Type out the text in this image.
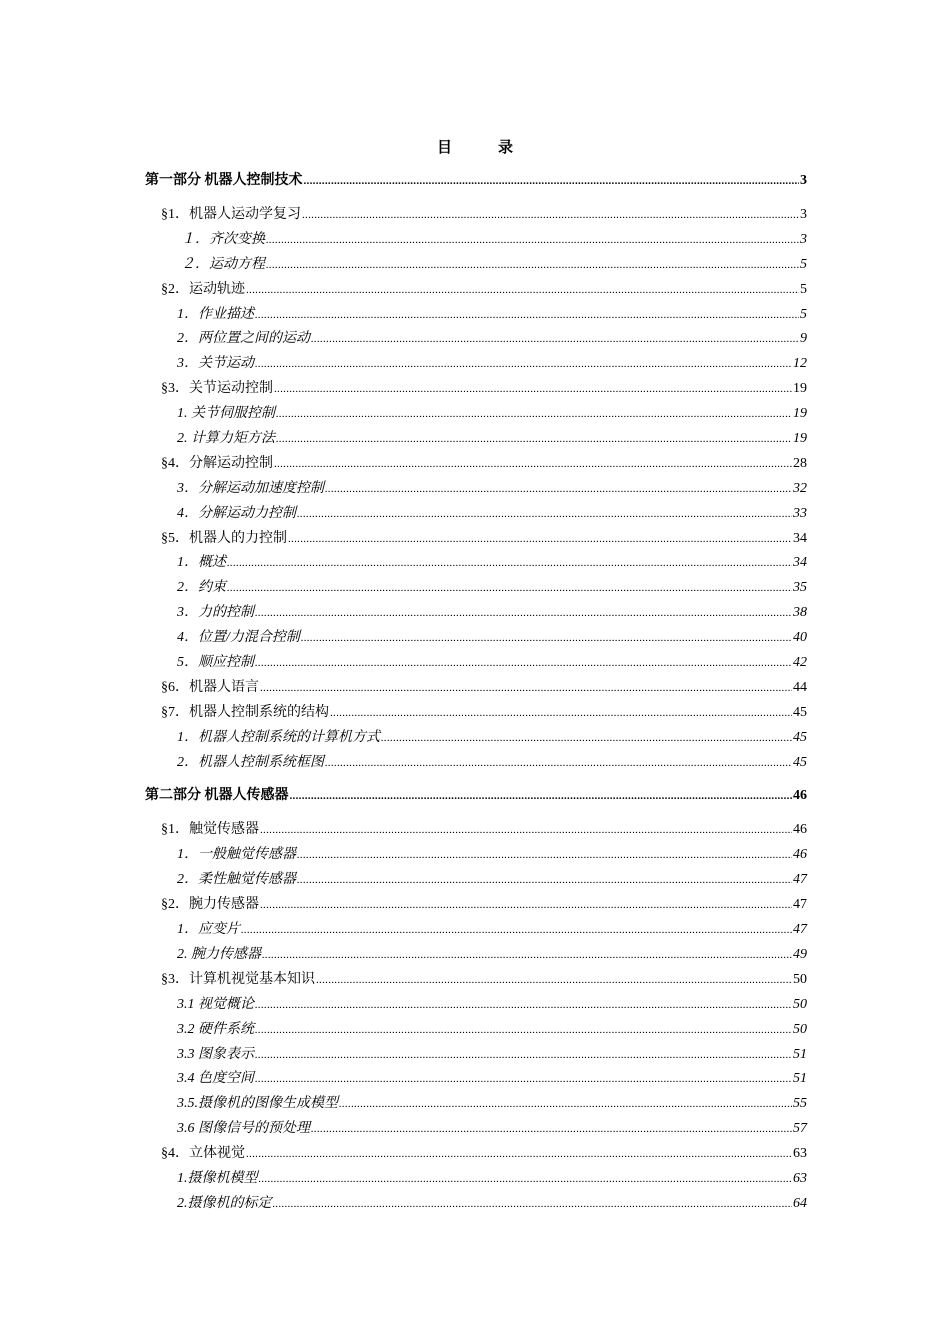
目	录
第一部分 机器人控制技术 .....	3
§1．机器人运动学复习 .....	3
１．齐次变换 .....	3
２．运动方程 .....	5
§2．运动轨迹 .....	5
1．作业描述 .....	5
2．两位置之间的运动 .....	9
3．关节运动 .....	12
§3．关节运动控制 .....	19
1. 关节伺服控制 .....	19
2. 计算力矩方法 .....	19
§4．分解运动控制 .....	28
3．分解运动加速度控制 .....	32
4．分解运动力控制 .....	33
§5．机器人的力控制 .....	34
1．概述 .....	34
2．约束 .....	35
3．力的控制 .....	38
4．位置/力混合控制 .....	40
5．顺应控制 .....	42
§6．机器人语言 .....	44
§7．机器人控制系统的结构 .....	45
1．机器人控制系统的计算机方式 .....	45
2．机器人控制系统框图 .....	45
第二部分 机器人传感器 .....	46
§1．触觉传感器 .....	46
1．一般触觉传感器 .....	46
2．柔性触觉传感器 .....	47
§2．腕力传感器 .....	47
1．应变片 .....	47
2. 腕力传感器 .....	49
§3．计算机视觉基本知识 .....	50
3.1 视觉概论 .....	50
3.2 硬件系统 .....	50
3.3 图象表示 .....	51
3.4 色度空间 .....	51
3.5.摄像机的图像生成模型 .....	55
3.6 图像信号的预处理 .....	57
§4．立体视觉 .....	63
1.摄像机模型 .....	63
2.摄像机的标定 .....	64
